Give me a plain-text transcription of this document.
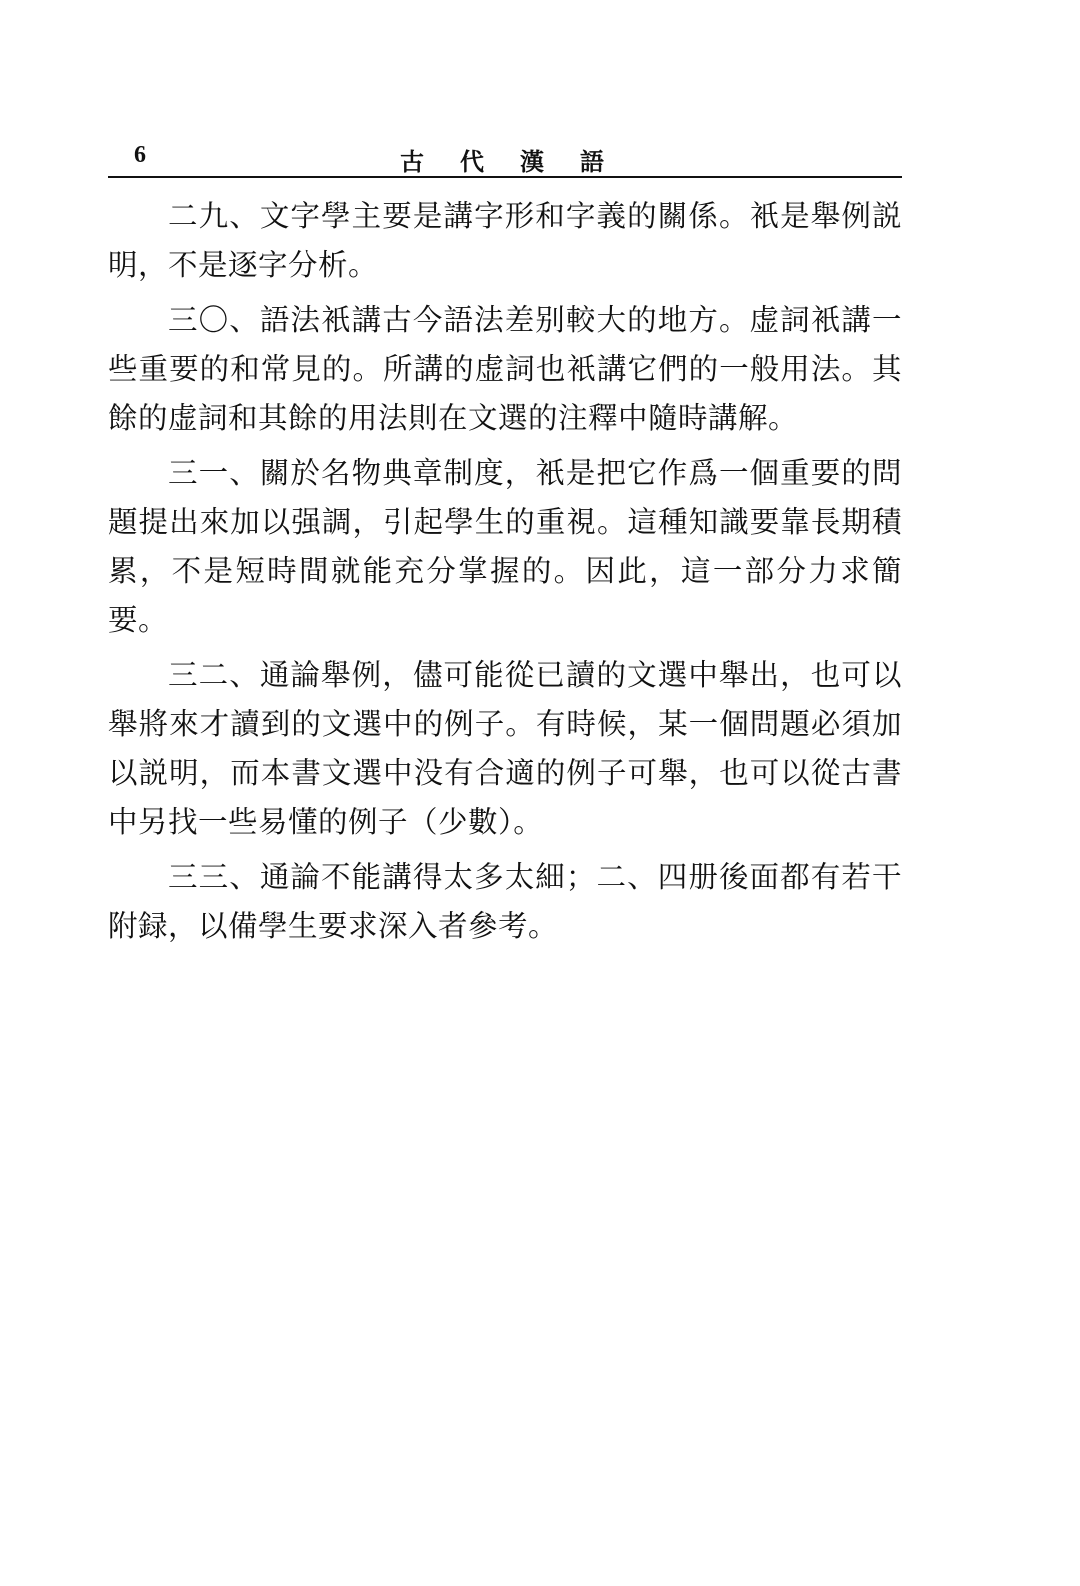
6	古代漢語

二九、文字學主要是講字形和字義的關係。衹是舉例説明，不是逐字分析。

三〇、語法衹講古今語法差别較大的地方。虚詞衹講一些重要的和常見的。所講的虚詞也衹講它們的一般用法。其餘的虚詞和其餘的用法則在文選的注釋中隨時講解。

三一、關於名物典章制度，衹是把它作爲一個重要的問題提出來加以强調，引起學生的重視。這種知識要靠長期積累，不是短時間就能充分掌握的。因此，這一部分力求簡要。

三二、通論舉例，儘可能從已讀的文選中舉出，也可以舉將來才讀到的文選中的例子。有時候，某一個問題必須加以説明，而本書文選中没有合適的例子可舉，也可以從古書中另找一些易懂的例子（少數）。

三三、通論不能講得太多太細；二、四册後面都有若干附録，以備學生要求深入者參考。
